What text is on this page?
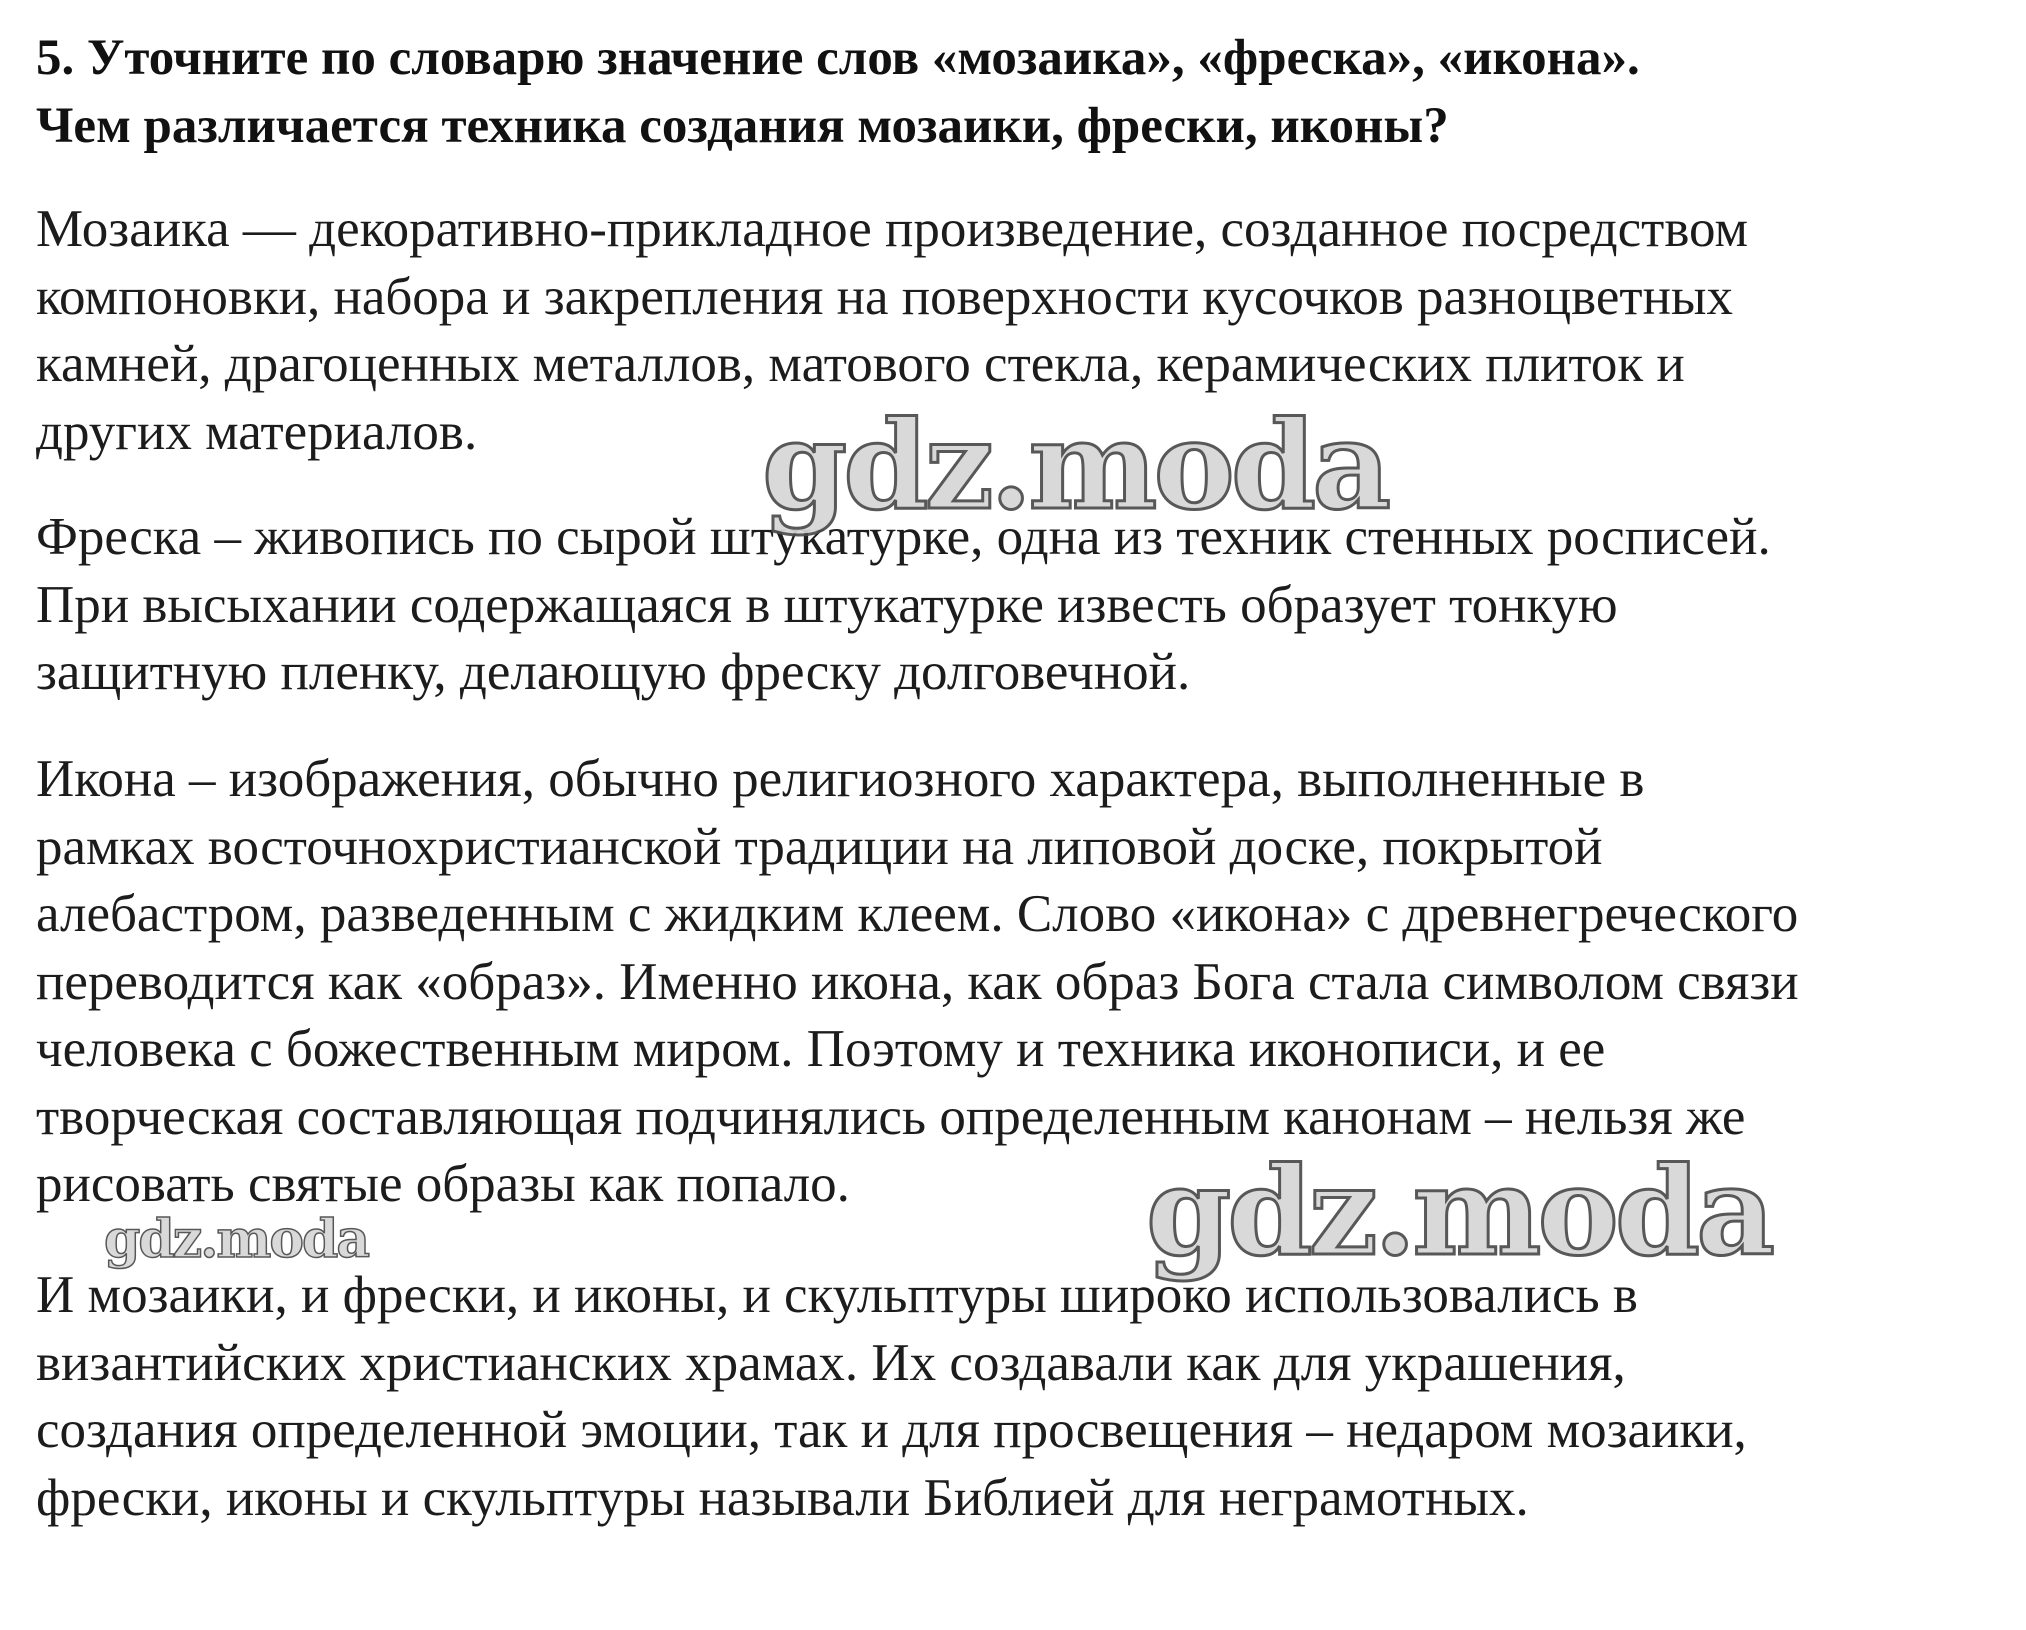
5. Уточните по словарю значение слов «мозаика», «фреска», «икона».
Чем различается техника создания мозаики, фрески, иконы?

Мозаика — декоративно-прикладное произведение, созданное посредством
компоновки, набора и закрепления на поверхности кусочков разноцветных
камней, драгоценных металлов, матового стекла, керамических плиток и
других материалов.

Фреска – живопись по сырой штукатурке, одна из техник стенных росписей.
При высыхании содержащаяся в штукатурке известь образует тонкую
защитную пленку, делающую фреску долговечной.

Икона – изображения, обычно религиозного характера, выполненные в
рамках восточнохристианской традиции на липовой доске, покрытой
алебастром, разведенным с жидким клеем. Слово «икона» с древнегреческого
переводится как «образ». Именно икона, как образ Бога стала символом связи
человека с божественным миром. Поэтому и техника иконописи, и ее
творческая составляющая подчинялись определенным канонам – нельзя же
рисовать святые образы как попало.

И мозаики, и фрески, и иконы, и скульптуры широко использовались в
византийских христианских храмах. Их создавали как для украшения,
создания определенной эмоции, так и для просвещения – недаром мозаики,
фрески, иконы и скульптуры называли Библией для неграмотных.

gdz.moda
gdz.moda
gdz.moda
